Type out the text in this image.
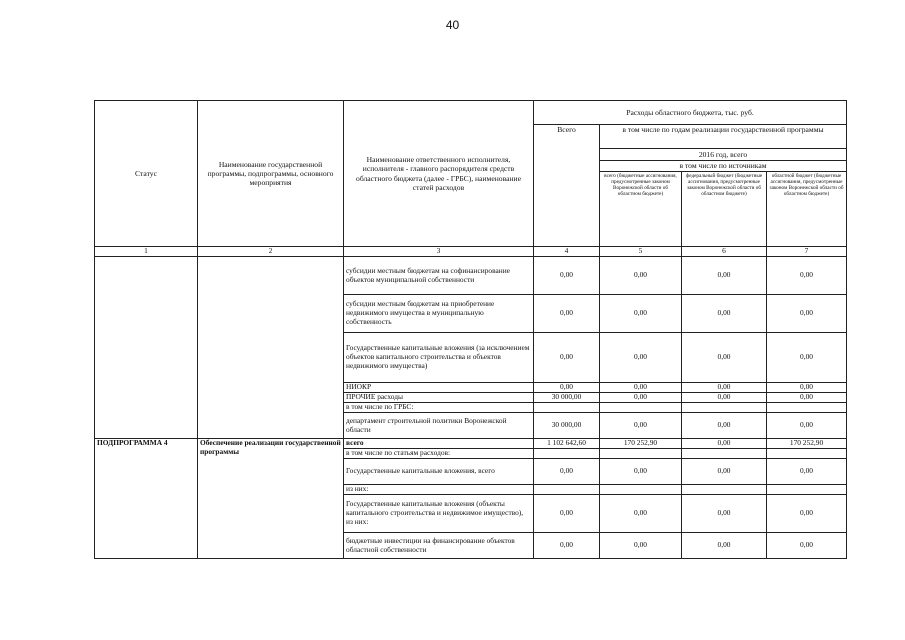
40
Статус	Наименование государственной программы, подпрограммы, основного мероприятия	Наименование ответственного исполнителя, исполнителя - главного распорядителя средств областного бюджета (далее - ГРБС), наименование статей расходов	Расходы областного бюджета, тыс. руб.			
			Всего	в том числе по годам реализации государственной программы		
				2016 год, всего		
				в том числе по источникам		
				всего (бюджетные ассигнования, предусмотренные законом Воронежской области об областном бюджете)	федеральный бюджет (бюджетные ассигнования, предусмотренные законом Воронежской области об областном бюджете)	областной бюджет (бюджетные ассигнования, предусмотренные законом Воронежской области об областном бюджете)
1	2	3	4	5	6	7
		субсидии местным бюджетам на софинансирование объектов муниципальной собственности	0,00	0,00	0,00	0,00
		субсидии местным бюджетам на приобретение недвижимого имущества в муниципальную собственность	0,00	0,00	0,00	0,00
		Государственные капитальные вложения (за исключением объектов капитального строительства и объектов недвижимого имущества)	0,00	0,00	0,00	0,00
		НИОКР	0,00	0,00	0,00	0,00
		ПРОЧИЕ расходы	30 000,00	0,00	0,00	0,00
		в том числе по ГРБС:				
		департамент строительной политики Воронежской области	30 000,00	0,00	0,00	0,00
ПОДПРОГРАММА 4	Обеспечение реализации государственной программы	всего	1 102 642,60	170 252,90	0,00	170 252,90
		в том числе по статьям расходов:				
		Государственные капитальные вложения, всего	0,00	0,00	0,00	0,00
		из них:				
		Государственные капитальные вложения (объекты капитального строительства и недвижимое имущество), из них:	0,00	0,00	0,00	0,00
		бюджетные инвестиции на финансирование объектов областной собственности	0,00	0,00	0,00	0,00
